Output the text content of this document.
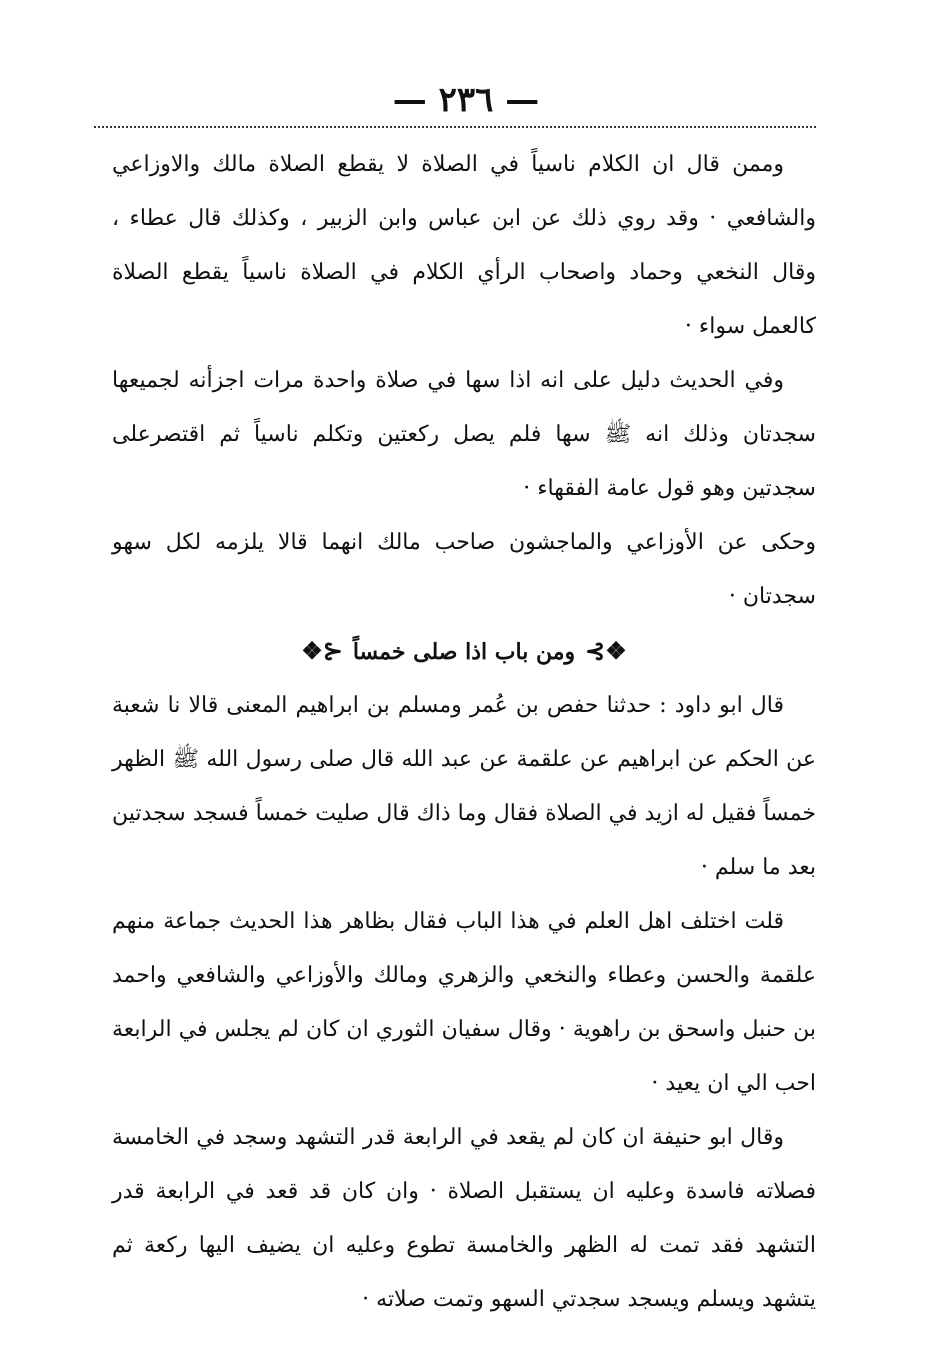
— ٢٣٦ —

وممن قال ان الكلام ناسياً في الصلاة لا يقطع الصلاة مالك والاوزاعي والشافعي · وقد روي ذلك عن ابن عباس وابن الزبير ، وكذلك قال عطاء ، وقال النخعي وحماد واصحاب الرأي الكلام في الصلاة ناسياً يقطع الصلاة كالعمل سواء ·

وفي الحديث دليل على انه اذا سها في صلاة واحدة مرات اجزأنه لجميعها سجدتان وذلك انه ﷺ سها فلم يصل ركعتين وتكلم ناسياً ثم اقتصرعلى سجدتين وهو قول عامة الفقهاء ·

وحكى عن الأوزاعي والماجشون صاحب مالك انهما قالا يلزمه لكل سهو سجدتان ·

❖⊱ومن باب اذا صلى خمساً⊰❖

قال ابو داود : حدثنا حفص بن عُمر ومسلم بن ابراهيم المعنى قالا نا شعبة عن الحكم عن ابراهيم عن علقمة عن عبد الله قال صلى رسول الله ﷺ الظهر خمساً فقيل له ازيد في الصلاة فقال وما ذاك قال صليت خمساً فسجد سجدتين بعد ما سلم ·

قلت اختلف اهل العلم في هذا الباب فقال بظاهر هذا الحديث جماعة منهم علقمة والحسن وعطاء والنخعي والزهري ومالك والأوزاعي والشافعي واحمد بن حنبل واسحق بن راهوية · وقال سفيان الثوري ان كان لم يجلس في الرابعة احب الي ان يعيد ·

وقال ابو حنيفة ان كان لم يقعد في الرابعة قدر التشهد وسجد في الخامسة فصلاته فاسدة وعليه ان يستقبل الصلاة · وان كان قد قعد في الرابعة قدر التشهد فقد تمت له الظهر والخامسة تطوع وعليه ان يضيف اليها ركعة ثم يتشهد ويسلم ويسجد سجدتي السهو وتمت صلاته ·
